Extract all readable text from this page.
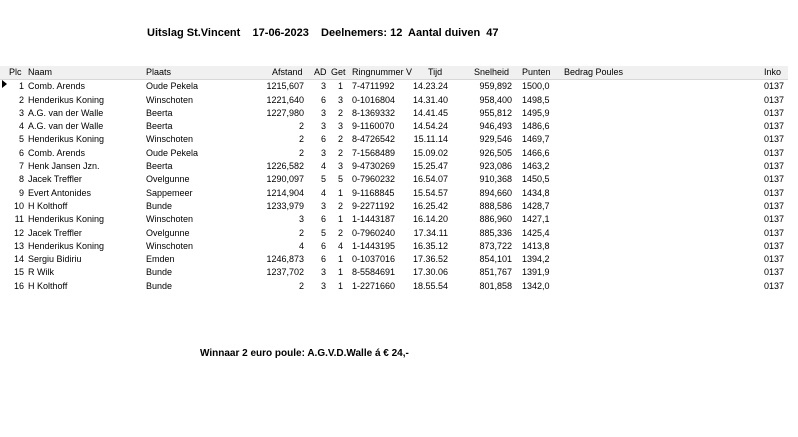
Uitslag St.Vincent    17-06-2023    Deelnemers: 12  Aantal duiven  47
Plc Naam	Plaats	Afstand AD Get Ringnummer V Tijd	Snelheid Punten Bedrag Poules	Inko
1 Comb. Arends	Oude Pekela	1215,607	3	1 7-4711992	14.23.24	959,892 1500,0	0137
2 Henderikus Koning	Winschoten	1221,640	6	3 0-1016804	14.31.40	958,400 1498,5	0137
3 A.G. van der Walle	Beerta	1227,980	3	2 8-1369332	14.41.45	955,812 1495,9	0137
4 A.G. van der Walle	Beerta	2	3	3 9-1160070	14.54.24	946,493 1486,6	0137
5 Henderikus Koning	Winschoten	2	6	2 8-4726542	15.11.14	929,546 1469,7	0137
6 Comb. Arends	Oude Pekela	2	3	2 7-1568489	15.09.02	926,505 1466,6	0137
7 Henk Jansen Jzn.	Beerta	1226,582	4	3 9-4730269	15.25.47	923,086 1463,2	0137
8 Jacek Treffler	Ovelgunne	1290,097	5	5 0-7960232	16.54.07	910,368 1450,5	0137
9 Evert Antonides	Sappemeer	1214,904	4	1 9-1168845	15.54.57	894,660 1434,8	0137
10 H Kolthoff	Bunde	1233,979	3	2 9-2271192	16.25.42	888,586 1428,7	0137
11 Henderikus Koning	Winschoten	3	6	1 1-1443187	16.14.20	886,960 1427,1	0137
12 Jacek Treffler	Ovelgunne	2	5	2 0-7960240	17.34.11	885,336 1425,4	0137
13 Henderikus Koning	Winschoten	4	6	4 1-1443195	16.35.12	873,722 1413,8	0137
14 Sergiu Bidiriu	Emden	1246,873	6	1 0-1037016	17.36.52	854,101 1394,2	0137
15 R Wilk	Bunde	1237,702	3	1 8-5584691	17.30.06	851,767 1391,9	0137
16 H Kolthoff	Bunde	2	3	1 1-2271660	18.55.54	801,858 1342,0	0137
Winnaar 2 euro poule: A.G.V.D.Walle á € 24,-
